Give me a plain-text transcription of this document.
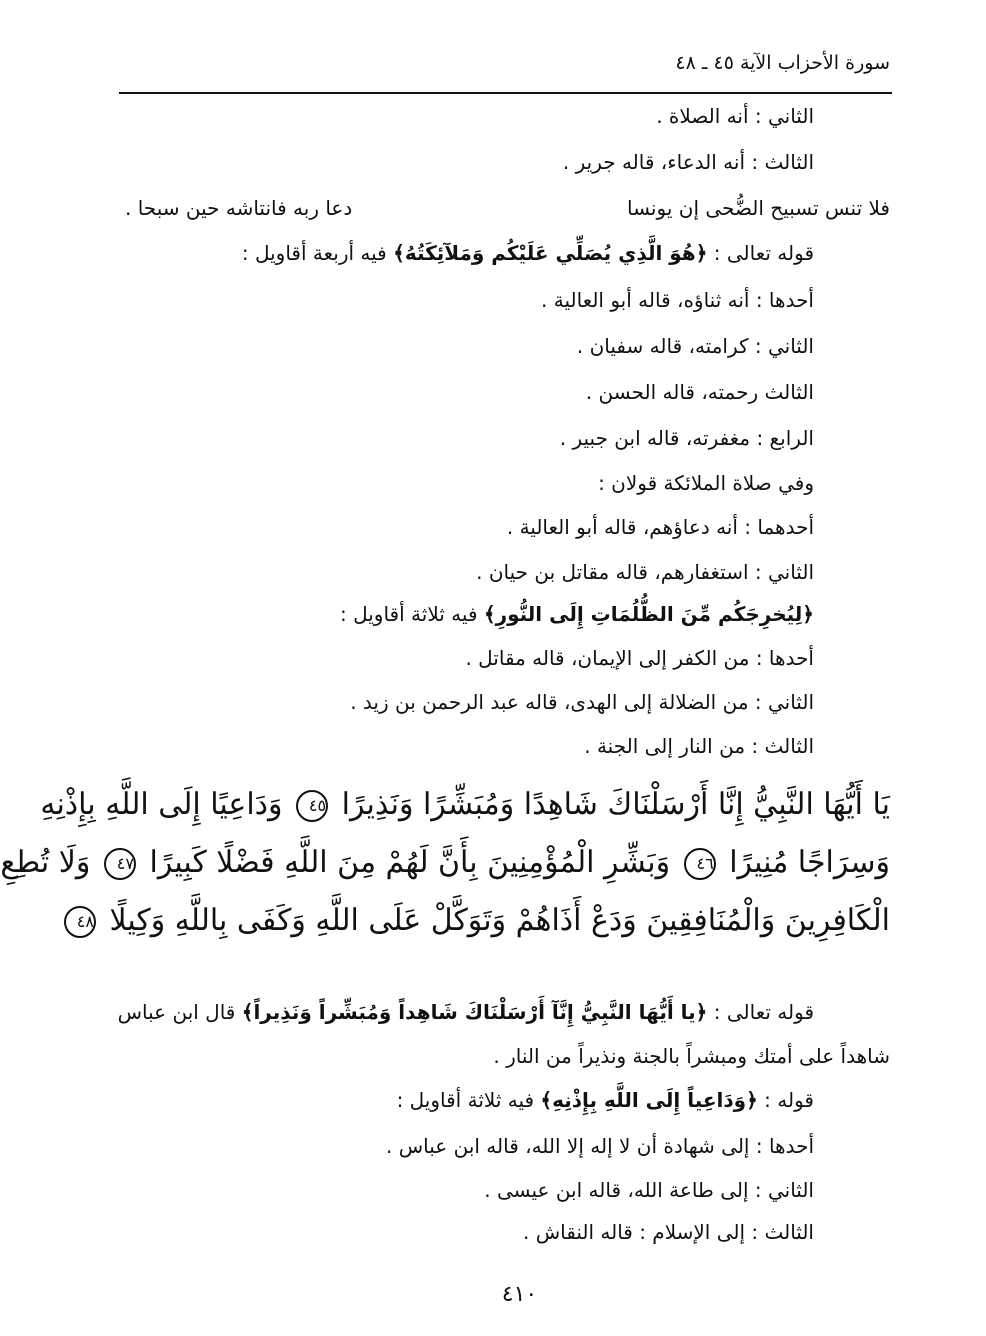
سورة الأحزاب الآية ٤٥ ـ ٤٨
الثاني : أنه الصلاة .
الثالث : أنه الدعاء، قاله جرير .
فلا تنس تسبيح الضُّحى إن يونسا
دعا ربه فانتاشه حين سبحا .
قوله تعالى : ﴿هُوَ الَّذِي يُصَلِّي عَلَيْكُم وَمَلآئِكَتُهُ﴾ فيه أربعة أقاويل :
أحدها : أنه ثناؤه، قاله أبو العالية .
الثاني : كرامته، قاله سفيان .
الثالث رحمته، قاله الحسن .
الرابع : مغفرته، قاله ابن جبير .
وفي صلاة الملائكة قولان :
أحدهما : أنه دعاؤهم، قاله أبو العالية .
الثاني : استغفارهم، قاله مقاتل بن حيان .
﴿لِيُخرِجَكُم مِّنَ الظُّلُمَاتِ إِلَى النُّورِ﴾ فيه ثلاثة أقاويل :
أحدها : من الكفر إلى الإيمان، قاله مقاتل .
الثاني : من الضلالة إلى الهدى، قاله عبد الرحمن بن زيد .
الثالث : من النار إلى الجنة .
يَا أَيُّهَا النَّبِيُّ إِنَّا أَرْسَلْنَاكَ شَاهِدًا وَمُبَشِّرًا وَنَذِيرًا ٤٥ وَدَاعِيًا إِلَى اللَّهِ بِإِذْنِهِ
وَسِرَاجًا مُنِيرًا ٤٦ وَبَشِّرِ الْمُؤْمِنِينَ بِأَنَّ لَهُمْ مِنَ اللَّهِ فَضْلًا كَبِيرًا ٤٧ وَلَا تُطِعِ
الْكَافِرِينَ وَالْمُنَافِقِينَ وَدَعْ أَذَاهُمْ وَتَوَكَّلْ عَلَى اللَّهِ وَكَفَى بِاللَّهِ وَكِيلًا ٤٨
قوله تعالى : ﴿يا أَيُّهَا النَّبِيُّ إِنَّآ أَرْسَلْنَاكَ شَاهِداً وَمُبَشِّراً وَنَذِيراً﴾ قال ابن عباس
شاهداً على أمتك ومبشراً بالجنة ونذيراً من النار .
قوله : ﴿وَدَاعِياً إِلَى اللَّهِ بِإِذْنِهِ﴾ فيه ثلاثة أقاويل :
أحدها : إلى شهادة أن لا إله إلا الله، قاله ابن عباس .
الثاني : إلى طاعة الله، قاله ابن عيسى .
الثالث : إلى الإسلام : قاله النقاش .
٤١٠
